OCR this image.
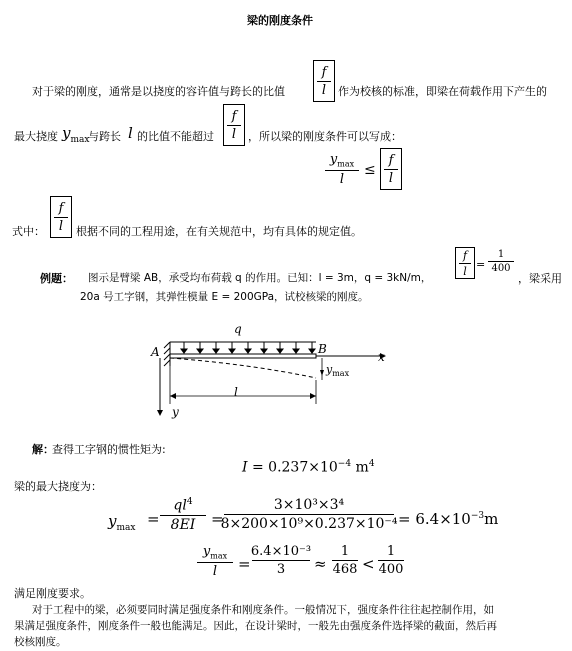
梁的刚度条件
对于梁的刚度，通常是以挠度的容许值与跨长的比值
f
l 作为校核的标准，即梁在荷载作用下产生的
最大挠度 $y_{max}$
与跨长 l 的比值不能超过
f
l ，所以梁的刚度条件可以写成：
$y_{max}$
l
≤
f
l
式中：
f
l 根据不同的工程用途，在有关规范中，均有具体的规定值。
例题： 图示是臂梁 AB，承受均布荷载 q 的作用。已知：l = 3m，q = 3kN/m，
f
l =
1
400
，梁采用
20a 号工字钢，其弹性模量 E = 200GPa，试校核梁的刚度。
q
A	B
x
y
l
$y_{max}$
解：
查得工字钢的惯性矩为:
$I = 0.237\times 10^{-4}$ $m^4$
梁的最大挠度为：
$y_{max}$ =
$ql^4$
8EI =
3×10³×3⁴
$8\times 200\times 10^9\times 0.237\times 10^{-4} = 6.4\times 10^{-3}m$
$y_{max}$
l =
6.4×10⁻³
3 ≈
1
468 <
1
400
满足刚度要求。
对于工程中的梁，必须要同时满足强度条件和刚度条件。一般情况下，强度条件往往起控制作用，如
果满足强度条件，刚度条件一般也能满足。因此，在设计梁时，一般先由强度条件选择梁的截面，然后再
校核刚度。
